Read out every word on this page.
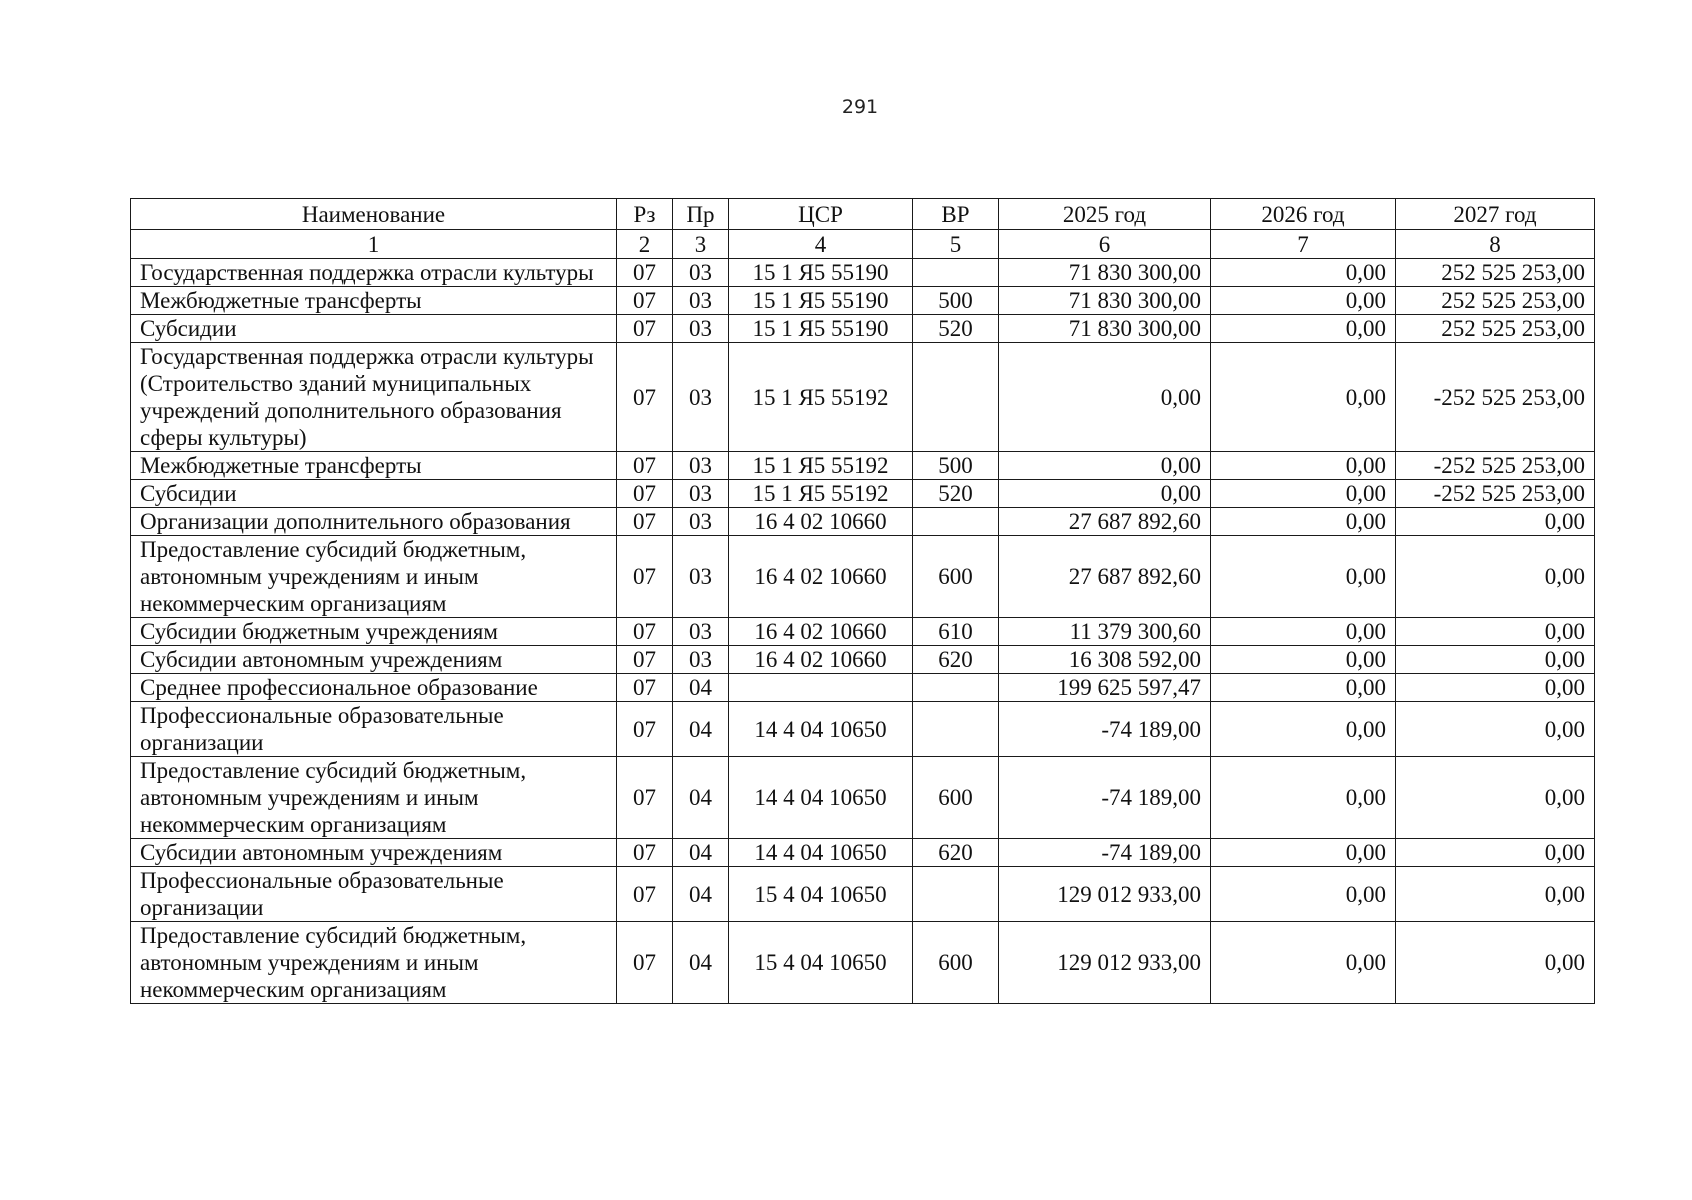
291
Наименование	Рз	Пр	ЦСР	ВР	2025 год	2026 год	2027 год
1	2	3	4	5	6	7	8
Государственная поддержка отрасли культуры	07	03	15 1 Я5 55190		71 830 300,00	0,00	252 525 253,00
Межбюджетные трансферты	07	03	15 1 Я5 55190	500	71 830 300,00	0,00	252 525 253,00
Субсидии	07	03	15 1 Я5 55190	520	71 830 300,00	0,00	252 525 253,00
Государственная поддержка отрасли культуры (Строительство зданий муниципальных учреждений дополнительного образования сферы культуры)	07	03	15 1 Я5 55192		0,00	0,00	-252 525 253,00
Межбюджетные трансферты	07	03	15 1 Я5 55192	500	0,00	0,00	-252 525 253,00
Субсидии	07	03	15 1 Я5 55192	520	0,00	0,00	-252 525 253,00
Организации дополнительного образования	07	03	16 4 02 10660		27 687 892,60	0,00	0,00
Предоставление субсидий бюджетным, автономным учреждениям и иным некоммерческим организациям	07	03	16 4 02 10660	600	27 687 892,60	0,00	0,00
Субсидии бюджетным учреждениям	07	03	16 4 02 10660	610	11 379 300,60	0,00	0,00
Субсидии автономным учреждениям	07	03	16 4 02 10660	620	16 308 592,00	0,00	0,00
Среднее профессиональное образование	07	04			199 625 597,47	0,00	0,00
Профессиональные образовательные организации	07	04	14 4 04 10650		-74 189,00	0,00	0,00
Предоставление субсидий бюджетным, автономным учреждениям и иным некоммерческим организациям	07	04	14 4 04 10650	600	-74 189,00	0,00	0,00
Субсидии автономным учреждениям	07	04	14 4 04 10650	620	-74 189,00	0,00	0,00
Профессиональные образовательные организации	07	04	15 4 04 10650		129 012 933,00	0,00	0,00
Предоставление субсидий бюджетным, автономным учреждениям и иным некоммерческим организациям	07	04	15 4 04 10650	600	129 012 933,00	0,00	0,00
